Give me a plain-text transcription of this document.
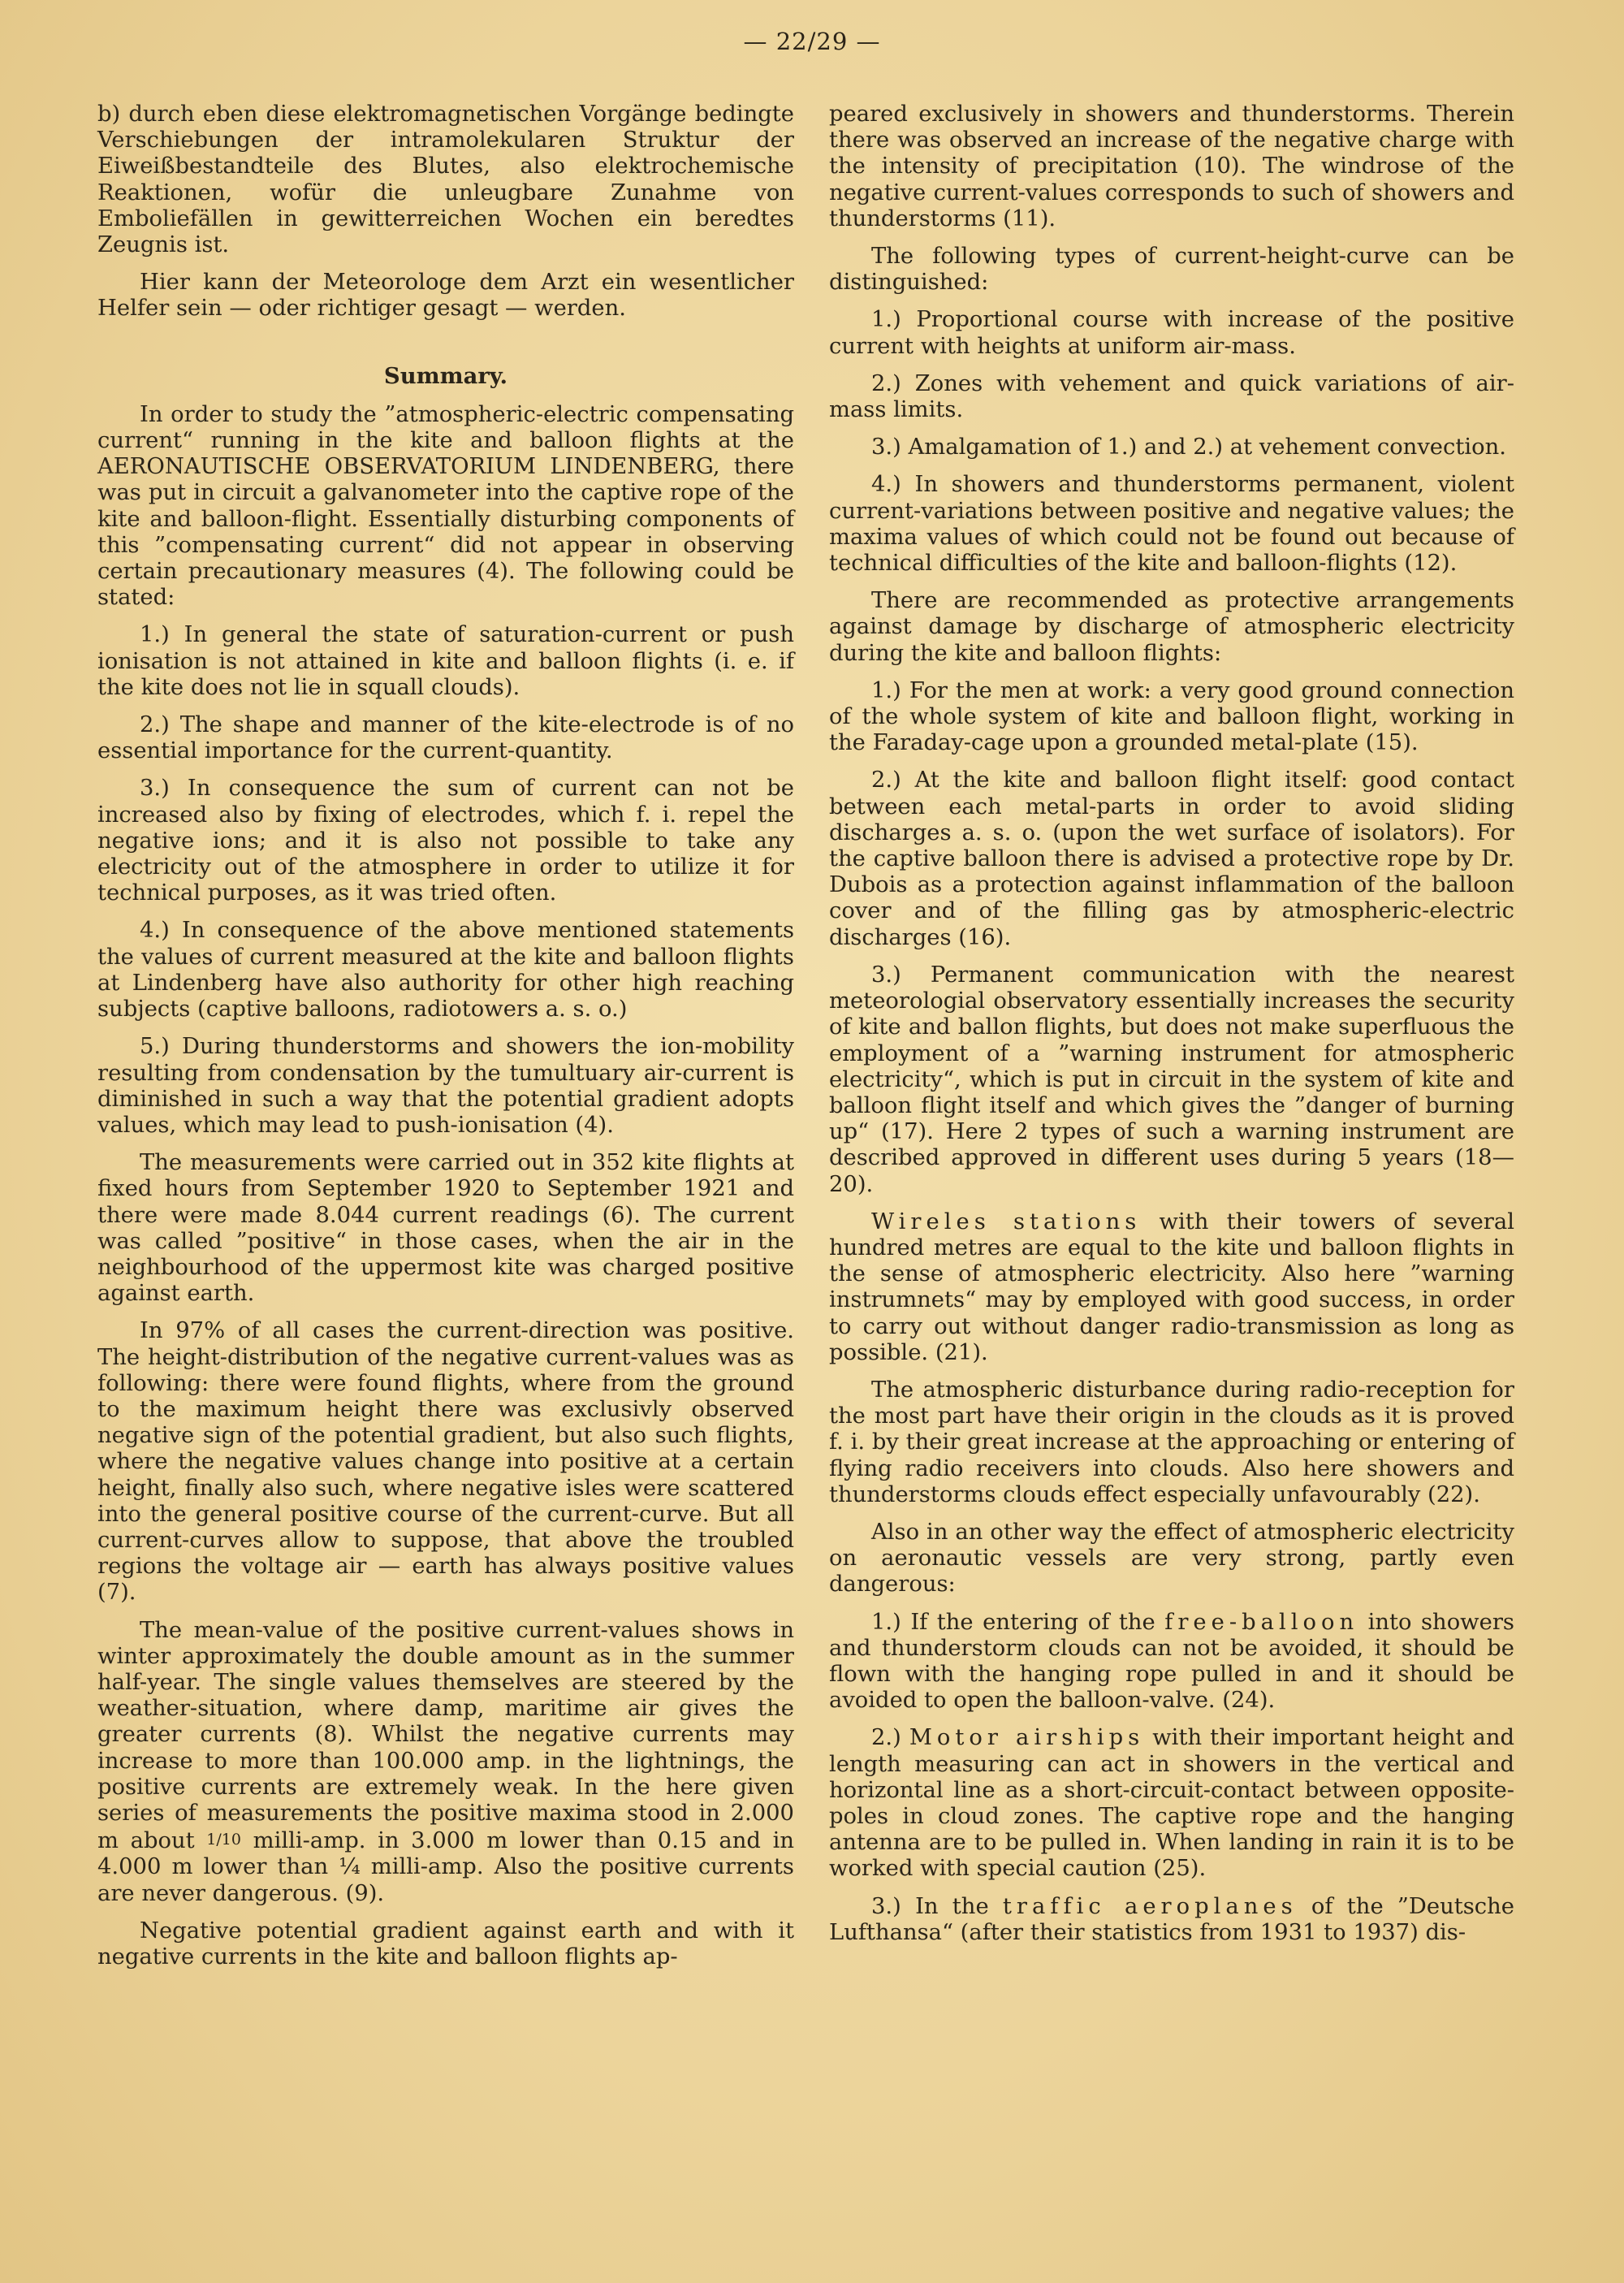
— 22/29 —

b) durch eben diese elektromagnetischen Vorgänge bedingte Verschiebungen der intramolekularen Struktur der Eiweißbestandteile des Blutes, also elektrochemische Reaktionen, wofür die unleugbare Zunahme von Emboliefällen in gewitterreichen Wochen ein beredtes Zeugnis ist.

Hier kann der Meteorologe dem Arzt ein wesentlicher Helfer sein — oder richtiger gesagt — werden.

Summary.

In order to study the ”atmospheric-electric compensating current“ running in the kite and balloon flights at the AERONAUTISCHE OBSERVATORIUM LINDENBERG, there was put in circuit a galvanometer into the captive rope of the kite and balloon-flight. Essentially disturbing components of this ”compensating current“ did not appear in observing certain precautionary measures (4). The following could be stated:

1.) In general the state of saturation-current or push ionisation is not attained in kite and balloon flights (i. e. if the kite does not lie in squall clouds).

2.) The shape and manner of the kite-electrode is of no essential importance for the current-quantity.

3.) In consequence the sum of current can not be increased also by fixing of electrodes, which f. i. repel the negative ions; and it is also not possible to take any electricity out of the atmosphere in order to utilize it for technical purposes, as it was tried often.

4.) In consequence of the above mentioned statements the values of current measured at the kite and balloon flights at Lindenberg have also authority for other high reaching subjects (captive balloons, radiotowers a. s. o.)

5.) During thunderstorms and showers the ion-mobility resulting from condensation by the tumultuary air-current is diminished in such a way that the potential gradient adopts values, which may lead to push-ionisation (4).

The measurements were carried out in 352 kite flights at fixed hours from September 1920 to September 1921 and there were made 8.044 current readings (6). The current was called ”positive“ in those cases, when the air in the neighbourhood of the uppermost kite was charged positive against earth.

In 97% of all cases the current-direction was positive. The height-distribution of the negative current-values was as following: there were found flights, where from the ground to the maximum height there was exclusivly observed negative sign of the potential gradient, but also such flights, where the negative values change into positive at a certain height, finally also such, where negative isles were scattered into the general positive course of the current-curve. But all current-curves allow to suppose, that above the troubled regions the voltage air — earth has always positive values (7).

The mean-value of the positive current-values shows in winter approximately the double amount as in the summer half-year. The single values themselves are steered by the weather-situation, where damp, maritime air gives the greater currents (8). Whilst the negative currents may increase to more than 100.000 amp. in the lightnings, the positive currents are extremely weak. In the here given series of measurements the positive maxima stood in 2.000 m about 1/10 milli-amp. in 3.000 m lower than 0.15 and in 4.000 m lower than ¼ milli-amp. Also the positive currents are never dangerous. (9).

Negative potential gradient against earth and with it negative currents in the kite and balloon flights ap-

peared exclusively in showers and thunderstorms. Therein there was observed an increase of the negative charge with the intensity of precipitation (10). The windrose of the negative current-values corresponds to such of showers and thunderstorms (11).

The following types of current-height-curve can be distinguished:

1.) Proportional course with increase of the positive current with heights at uniform air-mass.

2.) Zones with vehement and quick variations of air-mass limits.

3.) Amalgamation of 1.) and 2.) at vehement convection.

4.) In showers and thunderstorms permanent, violent current-variations between positive and negative values; the maxima values of which could not be found out because of technical difficulties of the kite and balloon-flights (12).

There are recommended as protective arrangements against damage by discharge of atmospheric electricity during the kite and balloon flights:

1.) For the men at work: a very good ground connection of the whole system of kite and balloon flight, working in the Faraday-cage upon a grounded metal-plate (15).

2.) At the kite and balloon flight itself: good contact between each metal-parts in order to avoid sliding discharges a. s. o. (upon the wet surface of isolators). For the captive balloon there is advised a protective rope by Dr. Dubois as a protection against inflammation of the balloon cover and of the filling gas by atmospheric-electric discharges (16).

3.) Permanent communication with the nearest meteorologial observatory essentially increases the security of kite and ballon flights, but does not make superfluous the employment of a ”warning instrument for atmospheric electricity“, which is put in circuit in the system of kite and balloon flight itself and which gives the ”danger of burning up“ (17). Here 2 types of such a warning instrument are described approved in different uses during 5 years (18—20).

Wireles stations with their towers of several hundred metres are equal to the kite und balloon flights in the sense of atmospheric electricity. Also here ”warning instrumnets“ may by employed with good success, in order to carry out without danger radio-transmission as long as possible. (21).

The atmospheric disturbance during radio-reception for the most part have their origin in the clouds as it is proved f. i. by their great increase at the approaching or entering of flying radio receivers into clouds. Also here showers and thunderstorms clouds effect especially unfavourably (22).

Also in an other way the effect of atmospheric electricity on aeronautic vessels are very strong, partly even dangerous:

1.) If the entering of the free-balloon into showers and thunderstorm clouds can not be avoided, it should be flown with the hanging rope pulled in and it should be avoided to open the balloon-valve. (24).

2.) Motor airships with their important height and length measuring can act in showers in the vertical and horizontal line as a short-circuit-contact between opposite-poles in cloud zones. The captive rope and the hanging antenna are to be pulled in. When landing in rain it is to be worked with special caution (25).

3.) In the traffic aeroplanes of the ”Deutsche Lufthansa“ (after their statistics from 1931 to 1937) dis-
